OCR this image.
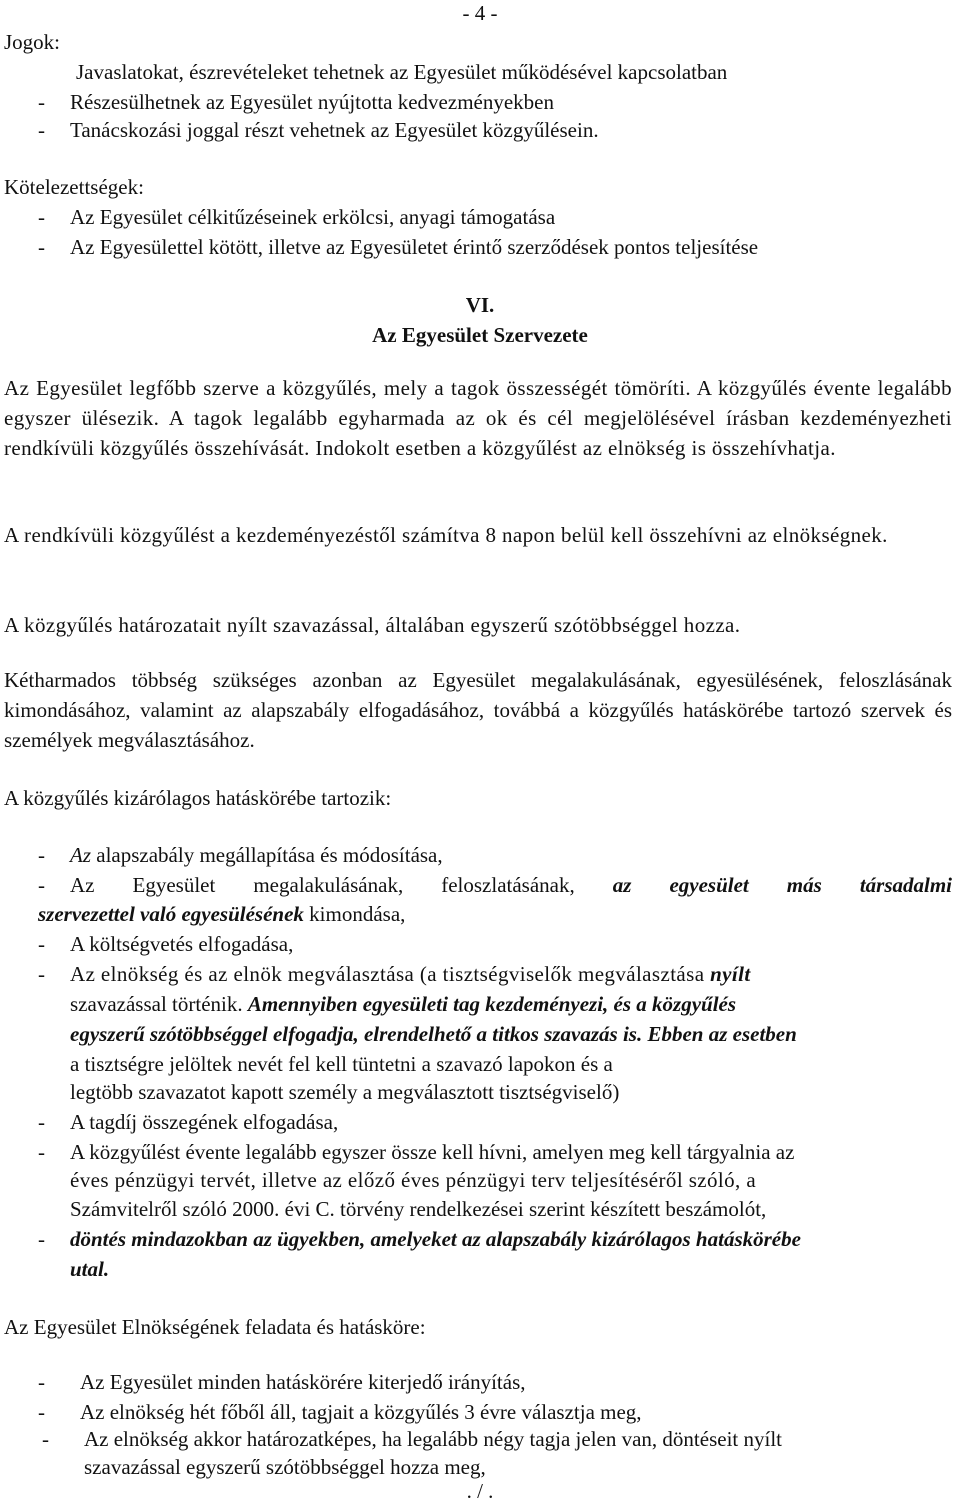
- 4 -
Jogok:
Javaslatokat, észrevételeket tehetnek az Egyesület működésével kapcsolatban
- Részesülhetnek az Egyesület nyújtotta kedvezményekben
- Tanácskozási joggal részt vehetnek az Egyesület közgyűlésein.
Kötelezettségek:
- Az Egyesület célkitűzéseinek erkölcsi, anyagi támogatása
- Az Egyesülettel kötött, illetve az Egyesületet érintő szerződések pontos teljesítése
VI.
Az Egyesület Szervezete
Az Egyesület legfőbb szerve a közgyűlés, mely a tagok összességét tömöríti. A közgyűlés évente legalább egyszer ülésezik. A tagok legalább egyharmada az ok és cél megjelölésével írásban kezdeményezheti rendkívüli közgyűlés összehívását. Indokolt esetben a közgyűlést az elnökség is összehívhatja.
A rendkívüli közgyűlést a kezdeményezéstől számítva 8 napon belül kell összehívni az elnökségnek.
A közgyűlés határozatait nyílt szavazással, általában egyszerű szótöbbséggel hozza.
Kétharmados többség szükséges azonban az Egyesület megalakulásának, egyesülésének, feloszlásának kimondásához, valamint az alapszabály elfogadásához, továbbá a közgyűlés hatáskörébe tartozó szervek és személyek megválasztásához.
A közgyűlés kizárólagos hatáskörébe tartozik:
- Az alapszabály megállapítása és módosítása,
- Az Egyesület megalakulásának, feloszlatásának, az egyesület más társadalmi
szervezettel való egyesülésének kimondása,
- A költségvetés elfogadása,
- Az elnökség és az elnök megválasztása (a tisztségviselők megválasztása nyílt
szavazással történik. Amennyiben egyesületi tag kezdeményezi, és a közgyűlés
egyszerű szótöbbséggel elfogadja, elrendelhető a titkos szavazás is. Ebben az esetben
a tisztségre jelöltek nevét fel kell tüntetni a szavazó lapokon és a
legtöbb szavazatot kapott személy a megválasztott tisztségviselő)
- A tagdíj összegének elfogadása,
- A közgyűlést évente legalább egyszer össze kell hívni, amelyen meg kell tárgyalnia az
éves pénzügyi tervét, illetve az előző éves pénzügyi terv teljesítéséről szóló, a
Számvitelről szóló 2000. évi C. törvény rendelkezései szerint készített beszámolót,
- döntés mindazokban az ügyekben, amelyeket az alapszabály kizárólagos hatáskörébe
utal.
Az Egyesület Elnökségének feladata és hatásköre:
- Az Egyesület minden hatáskörére kiterjedő irányítás,
- Az elnökség hét főből áll, tagjait a közgyűlés 3 évre választja meg,
- Az elnökség akkor határozatképes, ha legalább négy tagja jelen van, döntéseit nyílt
szavazással egyszerű szótöbbséggel hozza meg,
. / .
